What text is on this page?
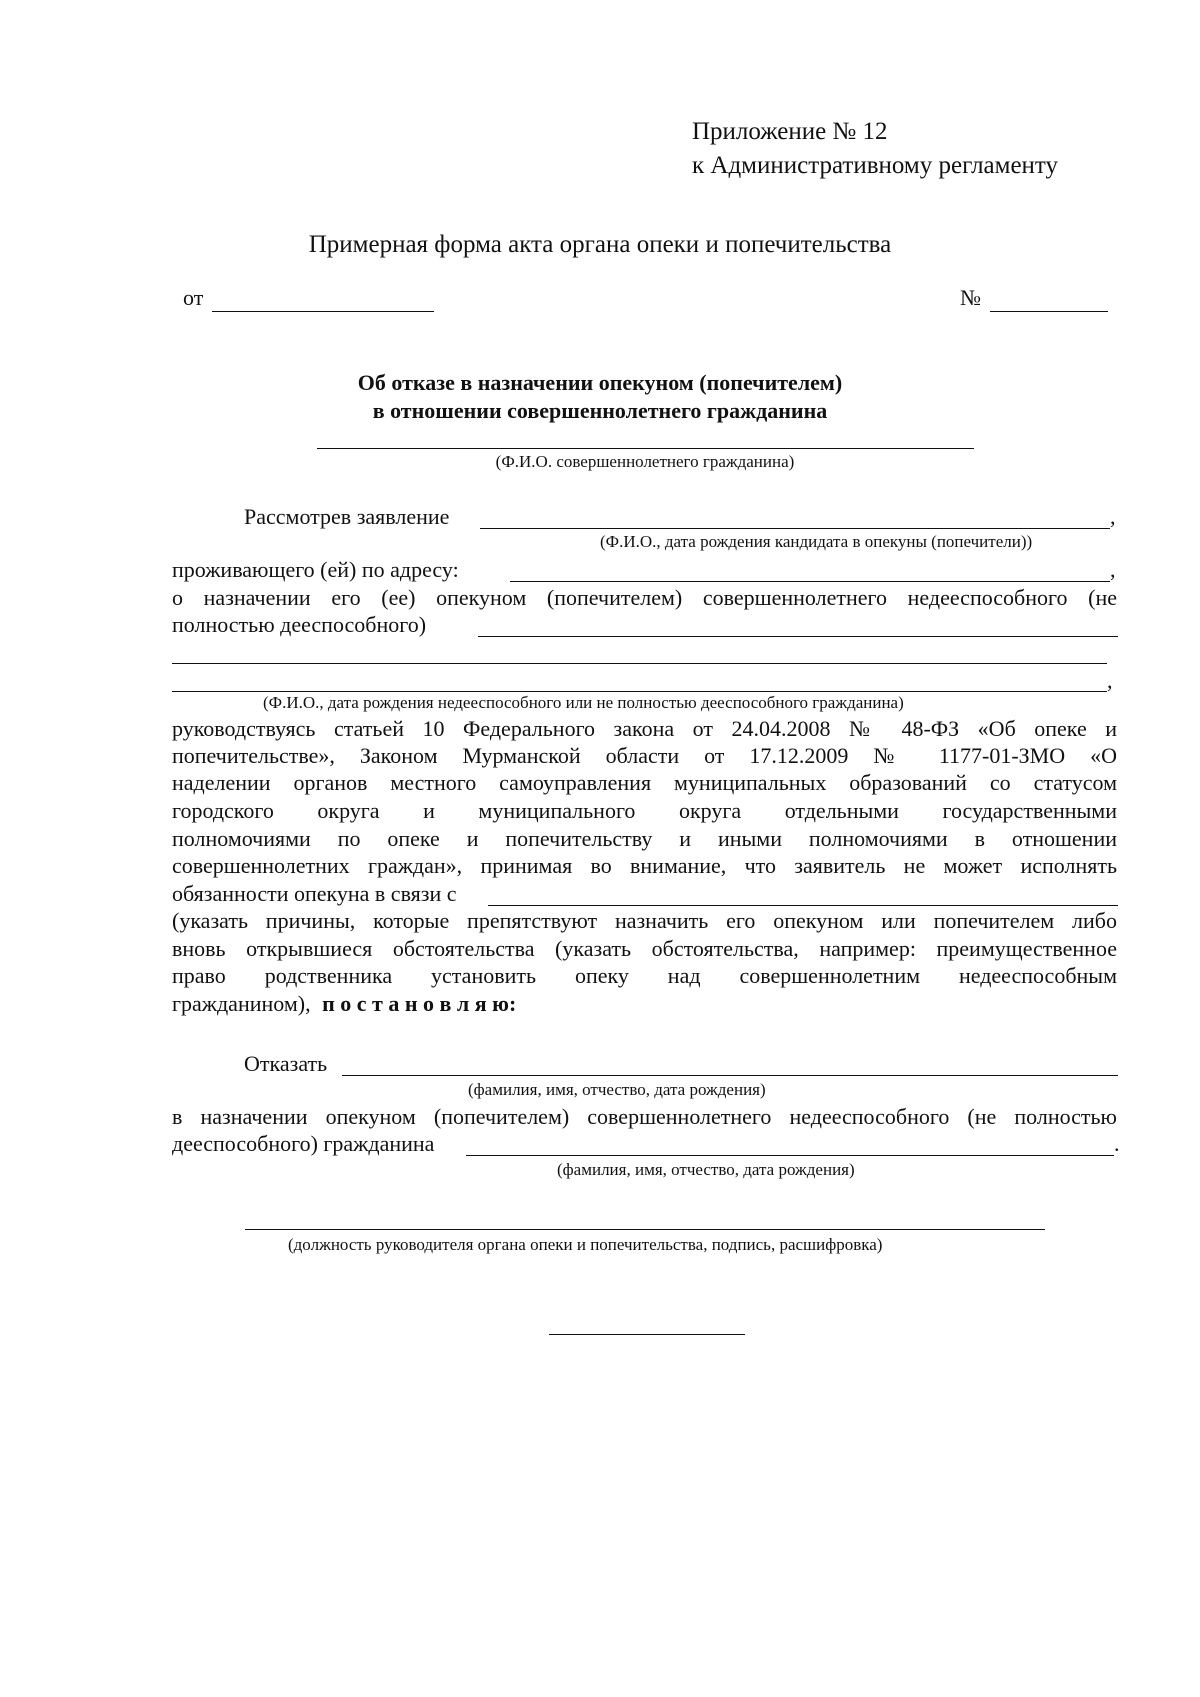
Приложение № 12
к Административному регламенту
Примерная форма акта органа опеки и попечительства
от	№
Об отказе в назначении опекуном (попечителем)
в отношении совершеннолетнего гражданина
(Ф.И.О. совершеннолетнего гражданина)
Рассмотрев заявление	,
(Ф.И.О., дата рождения кандидата в опекуны (попечители))
проживающего (ей) по адресу:	,
о назначении его (ее) опекуном (попечителем) совершеннолетнего недееспособного (не
полностью дееспособного)
,
(Ф.И.О., дата рождения недееспособного или не полностью дееспособного гражданина)
руководствуясь статьей 10 Федерального закона от 24.04.2008 № 48-ФЗ «Об опеке и
попечительстве», Законом Мурманской области от 17.12.2009 № 1177-01-ЗМО «О
наделении органов местного самоуправления муниципальных образований со статусом
городского округа и муниципального округа отдельными государственными
полномочиями по опеке и попечительству и иными полномочиями в отношении
совершеннолетних граждан», принимая во внимание, что заявитель не может исполнять
обязанности опекуна в связи с
(указать причины, которые препятствуют назначить его опекуном или попечителем либо
вновь открывшиеся обстоятельства (указать обстоятельства, например: преимущественное
право родственника установить опеку над совершеннолетним недееспособным
гражданином), п о с т а н о в л я ю:
Отказать
(фамилия, имя, отчество, дата рождения)
в назначении опекуном (попечителем) совершеннолетнего недееспособного (не полностью
дееспособного) гражданина	.
(фамилия, имя, отчество, дата рождения)
(должность руководителя органа опеки и попечительства, подпись, расшифровка)
